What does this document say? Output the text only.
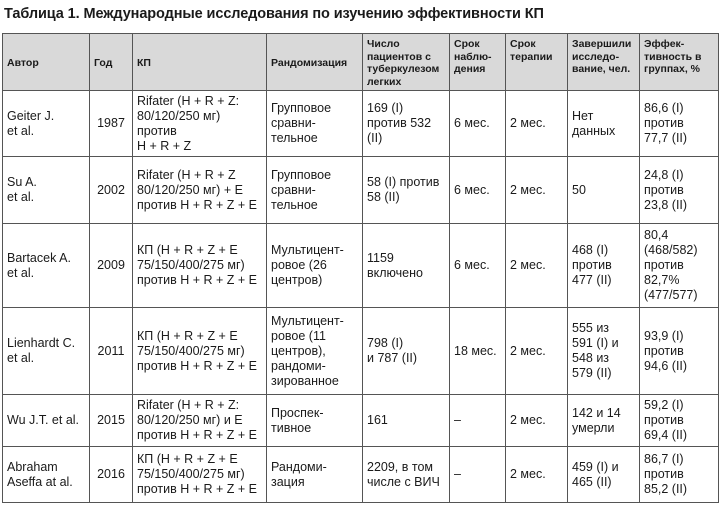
Таблица 1. Международные исследования по изучению эффективности КП
Автор	Год	КП	Рандомизация	Число
пациентов с
туберкулезом
легких	Срок
наблю-
дения	Срок
терапии	Завершили
исследо-
вание, чел.	Эффек-
тивность в
группах, %
Geiter J.
et al.	1987	Rifater (H + R + Z:
80/120/250 мг)
против
H + R + Z	Групповое
сравни-
тельное	169 (I)
против 532
(II)	6 мес.	2 мес.	Нет
данных	86,6 (I)
против
77,7 (II)
Su A.
et al.	2002	Rifater (H + R + Z
80/120/250 мг) + E
против H + R + Z + E	Групповое
сравни-
тельное	58 (I) против
58 (II)	6 мес.	2 мес.	50	24,8 (I)
против
23,8 (II)
Bartacek A.
et al.	2009	КП (H + R + Z + E
75/150/400/275 мг)
против H + R + Z + E	Мультицент-
ровое (26
центров)	1159
включено	6 мес.	2 мес.	468 (I)
против
477 (II)	80,4
(468/582)
против
82,7%
(477/577)
Lienhardt C.
et al.	2011	КП (H + R + Z + E
75/150/400/275 мг)
против H + R + Z + E	Мультицент-
ровое (11
центров),
рандоми-
зированное	798 (I)
и 787 (II)	18 мес.	2 мес.	555 из
591 (I) и
548 из
579 (II)	93,9 (I)
против
94,6 (II)
Wu J.T. et al.	2015	Rifater (H + R + Z:
80/120/250 мг) и E
против H + R + Z + E	Проспек-
тивное	161	–	2 мес.	142 и 14
умерли	59,2 (I)
против
69,4 (II)
Abraham
Aseffa at al.	2016	КП (H + R + Z + E
75/150/400/275 мг)
против H + R + Z + E	Рандоми-
зация	2209, в том
числе с ВИЧ	–	2 мес.	459 (I) и
465 (II)	86,7 (I)
против
85,2 (II)
